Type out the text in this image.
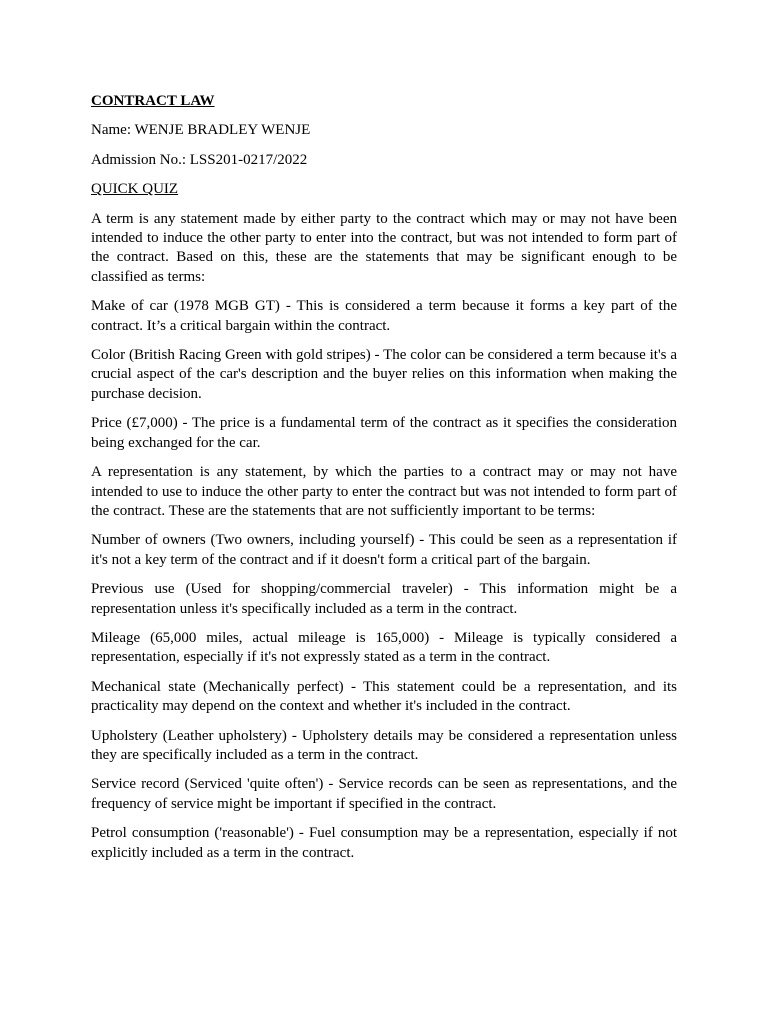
CONTRACT LAW
Name: WENJE BRADLEY WENJE
Admission No.: LSS201-0217/2022
QUICK QUIZ

A term is any statement made by either party to the contract which may or may not have been intended to induce the other party to enter into the contract, but was not intended to form part of the contract. Based on this, these are the statements that may be significant enough to be classified as terms:

Make of car (1978 MGB GT) - This is considered a term because it forms a key part of the contract. It’s a critical bargain within the contract.

Color (British Racing Green with gold stripes) - The color can be considered a term because it's a crucial aspect of the car's description and the buyer relies on this information when making the purchase decision.

Price (£7,000) - The price is a fundamental term of the contract as it specifies the consideration being exchanged for the car.

A representation is any statement, by which the parties to a contract may or may not have intended to use to induce the other party to enter the contract but was not intended to form part of the contract. These are the statements that are not sufficiently important to be terms:

Number of owners (Two owners, including yourself) - This could be seen as a representation if it's not a key term of the contract and if it doesn't form a critical part of the bargain.

Previous use (Used for shopping/commercial traveler) - This information might be a representation unless it's specifically included as a term in the contract.

Mileage (65,000 miles, actual mileage is 165,000) - Mileage is typically considered a representation, especially if it's not expressly stated as a term in the contract.

Mechanical state (Mechanically perfect) - This statement could be a representation, and its practicality may depend on the context and whether it's included in the contract.

Upholstery (Leather upholstery) - Upholstery details may be considered a representation unless they are specifically included as a term in the contract.

Service record (Serviced 'quite often') - Service records can be seen as representations, and the frequency of service might be important if specified in the contract.

Petrol consumption ('reasonable') - Fuel consumption may be a representation, especially if not explicitly included as a term in the contract.
